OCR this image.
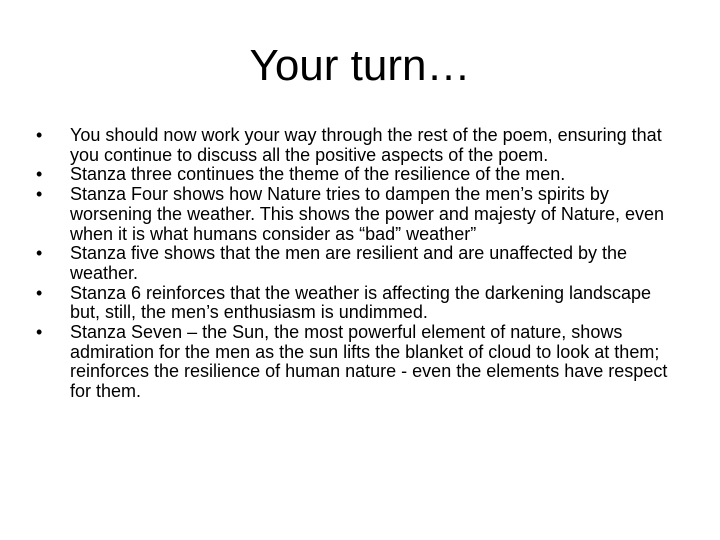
Your turn…
•	You should now work your way through the rest of the poem, ensuring that you continue to discuss all the positive aspects of the poem.
•	Stanza three continues the theme of the resilience of the men.
•	Stanza Four shows how Nature tries to dampen the men’s spirits by worsening the weather. This shows the power and majesty of Nature, even when it is what humans consider as “bad” weather”
•	Stanza five shows that the men are resilient and are unaffected by the weather.
•	Stanza 6 reinforces that the weather is affecting the darkening landscape but, still, the men’s enthusiasm is undimmed.
•	Stanza Seven – the Sun, the most powerful element of nature, shows admiration for the men as the sun lifts the blanket of cloud to look at them; reinforces the resilience of human nature - even the elements have respect for them.
